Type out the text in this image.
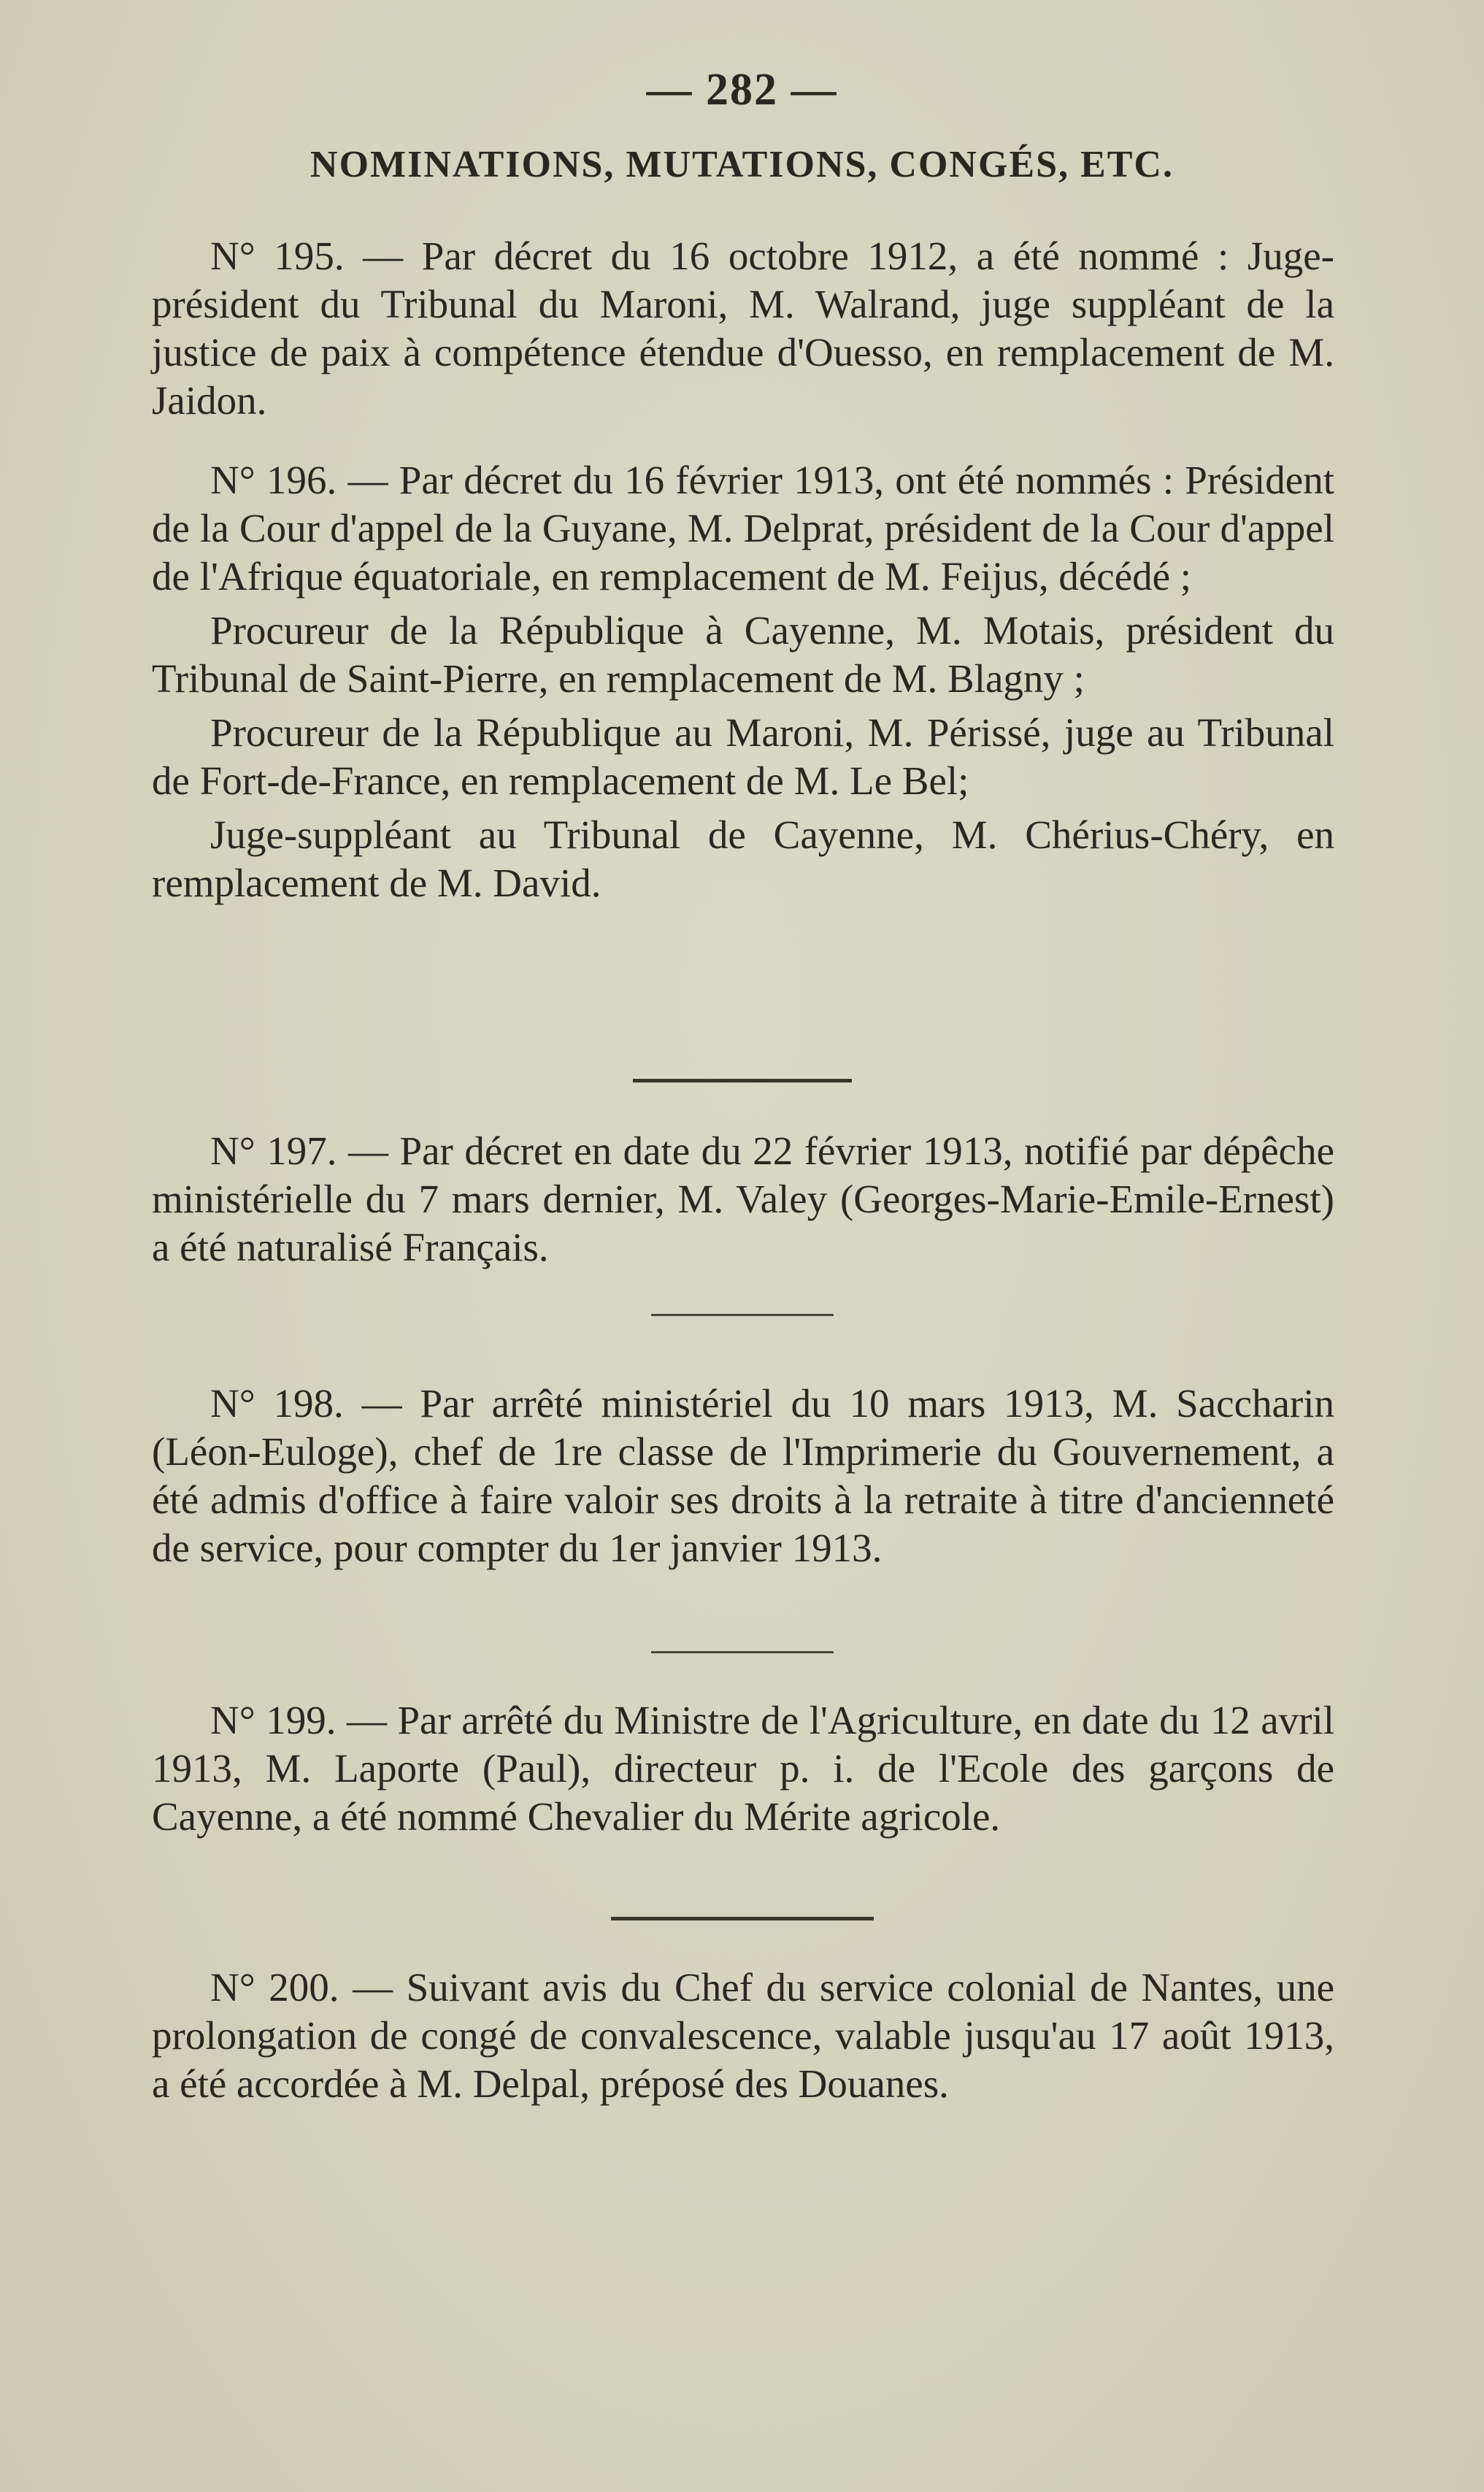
— 282 —
NOMINATIONS, MUTATIONS, CONGÉS, ETC.

N° 195. — Par décret du 16 octobre 1912, a été nommé : Juge-président du Tribunal du Maroni, M. Walrand, juge suppléant de la justice de paix à compétence étendue d'Ouesso, en remplacement de M. Jaidon.

N° 196. — Par décret du 16 février 1913, ont été nommés : Président de la Cour d'appel de la Guyane, M. Delprat, président de la Cour d'appel de l'Afrique équatoriale, en remplacement de M. Feijus, décédé ;

Procureur de la République à Cayenne, M. Motais, président du Tribunal de Saint-Pierre, en remplacement de M. Blagny ;

Procureur de la République au Maroni, M. Périssé, juge au Tribunal de Fort-de-France, en remplacement de M. Le Bel;

Juge-suppléant au Tribunal de Cayenne, M. Chérius-Chéry, en remplacement de M. David.

N° 197. — Par décret en date du 22 février 1913, notifié par dépêche ministérielle du 7 mars dernier, M. Valey (Georges-Marie-Emile-Ernest) a été naturalisé Français.

N° 198. — Par arrêté ministériel du 10 mars 1913, M. Saccharin (Léon-Euloge), chef de 1re classe de l'Imprimerie du Gouvernement, a été admis d'office à faire valoir ses droits à la retraite à titre d'ancienneté de service, pour compter du 1er janvier 1913.

N° 199. — Par arrêté du Ministre de l'Agriculture, en date du 12 avril 1913, M. Laporte (Paul), directeur p. i. de l'Ecole des garçons de Cayenne, a été nommé Chevalier du Mérite agricole.

N° 200. — Suivant avis du Chef du service colonial de Nantes, une prolongation de congé de convalescence, valable jusqu'au 17 août 1913, a été accordée à M. Delpal, préposé des Douanes.
